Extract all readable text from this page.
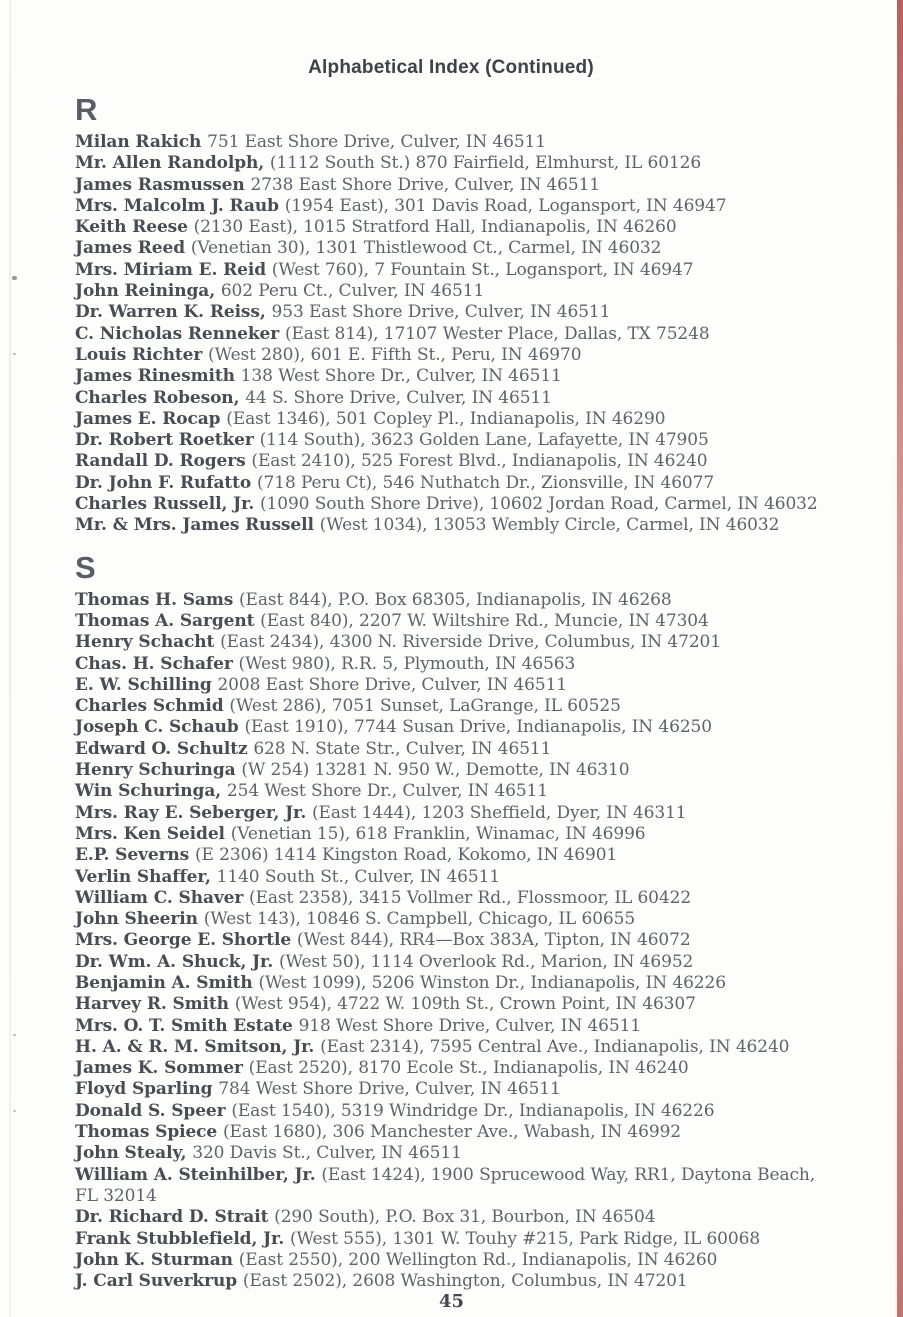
Alphabetical Index (Continued)
R
Milan Rakich 751 East Shore Drive, Culver, IN 46511
Mr. Allen Randolph, (1112 South St.) 870 Fairfield, Elmhurst, IL 60126
James Rasmussen 2738 East Shore Drive, Culver, IN 46511
Mrs. Malcolm J. Raub (1954 East), 301 Davis Road, Logansport, IN 46947
Keith Reese (2130 East), 1015 Stratford Hall, Indianapolis, IN 46260
James Reed (Venetian 30), 1301 Thistlewood Ct., Carmel, IN 46032
Mrs. Miriam E. Reid (West 760), 7 Fountain St., Logansport, IN 46947
John Reininga, 602 Peru Ct., Culver, IN 46511
Dr. Warren K. Reiss, 953 East Shore Drive, Culver, IN 46511
C. Nicholas Renneker (East 814), 17107 Wester Place, Dallas, TX 75248
Louis Richter (West 280), 601 E. Fifth St., Peru, IN 46970
James Rinesmith 138 West Shore Dr., Culver, IN 46511
Charles Robeson, 44 S. Shore Drive, Culver, IN 46511
James E. Rocap (East 1346), 501 Copley Pl., Indianapolis, IN 46290
Dr. Robert Roetker (114 South), 3623 Golden Lane, Lafayette, IN 47905
Randall D. Rogers (East 2410), 525 Forest Blvd., Indianapolis, IN 46240
Dr. John F. Rufatto (718 Peru Ct), 546 Nuthatch Dr., Zionsville, IN 46077
Charles Russell, Jr. (1090 South Shore Drive), 10602 Jordan Road, Carmel, IN 46032
Mr. & Mrs. James Russell (West 1034), 13053 Wembly Circle, Carmel, IN 46032
S
Thomas H. Sams (East 844), P.O. Box 68305, Indianapolis, IN 46268
Thomas A. Sargent (East 840), 2207 W. Wiltshire Rd., Muncie, IN 47304
Henry Schacht (East 2434), 4300 N. Riverside Drive, Columbus, IN 47201
Chas. H. Schafer (West 980), R.R. 5, Plymouth, IN 46563
E. W. Schilling 2008 East Shore Drive, Culver, IN 46511
Charles Schmid (West 286), 7051 Sunset, LaGrange, IL 60525
Joseph C. Schaub (East 1910), 7744 Susan Drive, Indianapolis, IN 46250
Edward O. Schultz 628 N. State Str., Culver, IN 46511
Henry Schuringa (W 254) 13281 N. 950 W., Demotte, IN 46310
Win Schuringa, 254 West Shore Dr., Culver, IN 46511
Mrs. Ray E. Seberger, Jr. (East 1444), 1203 Sheffield, Dyer, IN 46311
Mrs. Ken Seidel (Venetian 15), 618 Franklin, Winamac, IN 46996
E.P. Severns (E 2306) 1414 Kingston Road, Kokomo, IN 46901
Verlin Shaffer, 1140 South St., Culver, IN 46511
William C. Shaver (East 2358), 3415 Vollmer Rd., Flossmoor, IL 60422
John Sheerin (West 143), 10846 S. Campbell, Chicago, IL 60655
Mrs. George E. Shortle (West 844), RR4—Box 383A, Tipton, IN 46072
Dr. Wm. A. Shuck, Jr. (West 50), 1114 Overlook Rd., Marion, IN 46952
Benjamin A. Smith (West 1099), 5206 Winston Dr., Indianapolis, IN 46226
Harvey R. Smith (West 954), 4722 W. 109th St., Crown Point, IN 46307
Mrs. O. T. Smith Estate 918 West Shore Drive, Culver, IN 46511
H. A. & R. M. Smitson, Jr. (East 2314), 7595 Central Ave., Indianapolis, IN 46240
James K. Sommer (East 2520), 8170 Ecole St., Indianapolis, IN 46240
Floyd Sparling 784 West Shore Drive, Culver, IN 46511
Donald S. Speer (East 1540), 5319 Windridge Dr., Indianapolis, IN 46226
Thomas Spiece (East 1680), 306 Manchester Ave., Wabash, IN 46992
John Stealy, 320 Davis St., Culver, IN 46511
William A. Steinhilber, Jr. (East 1424), 1900 Sprucewood Way, RR1, Daytona Beach, FL 32014
Dr. Richard D. Strait (290 South), P.O. Box 31, Bourbon, IN 46504
Frank Stubblefield, Jr. (West 555), 1301 W. Touhy #215, Park Ridge, IL 60068
John K. Sturman (East 2550), 200 Wellington Rd., Indianapolis, IN 46260
J. Carl Suverkrup (East 2502), 2608 Washington, Columbus, IN 47201
45
